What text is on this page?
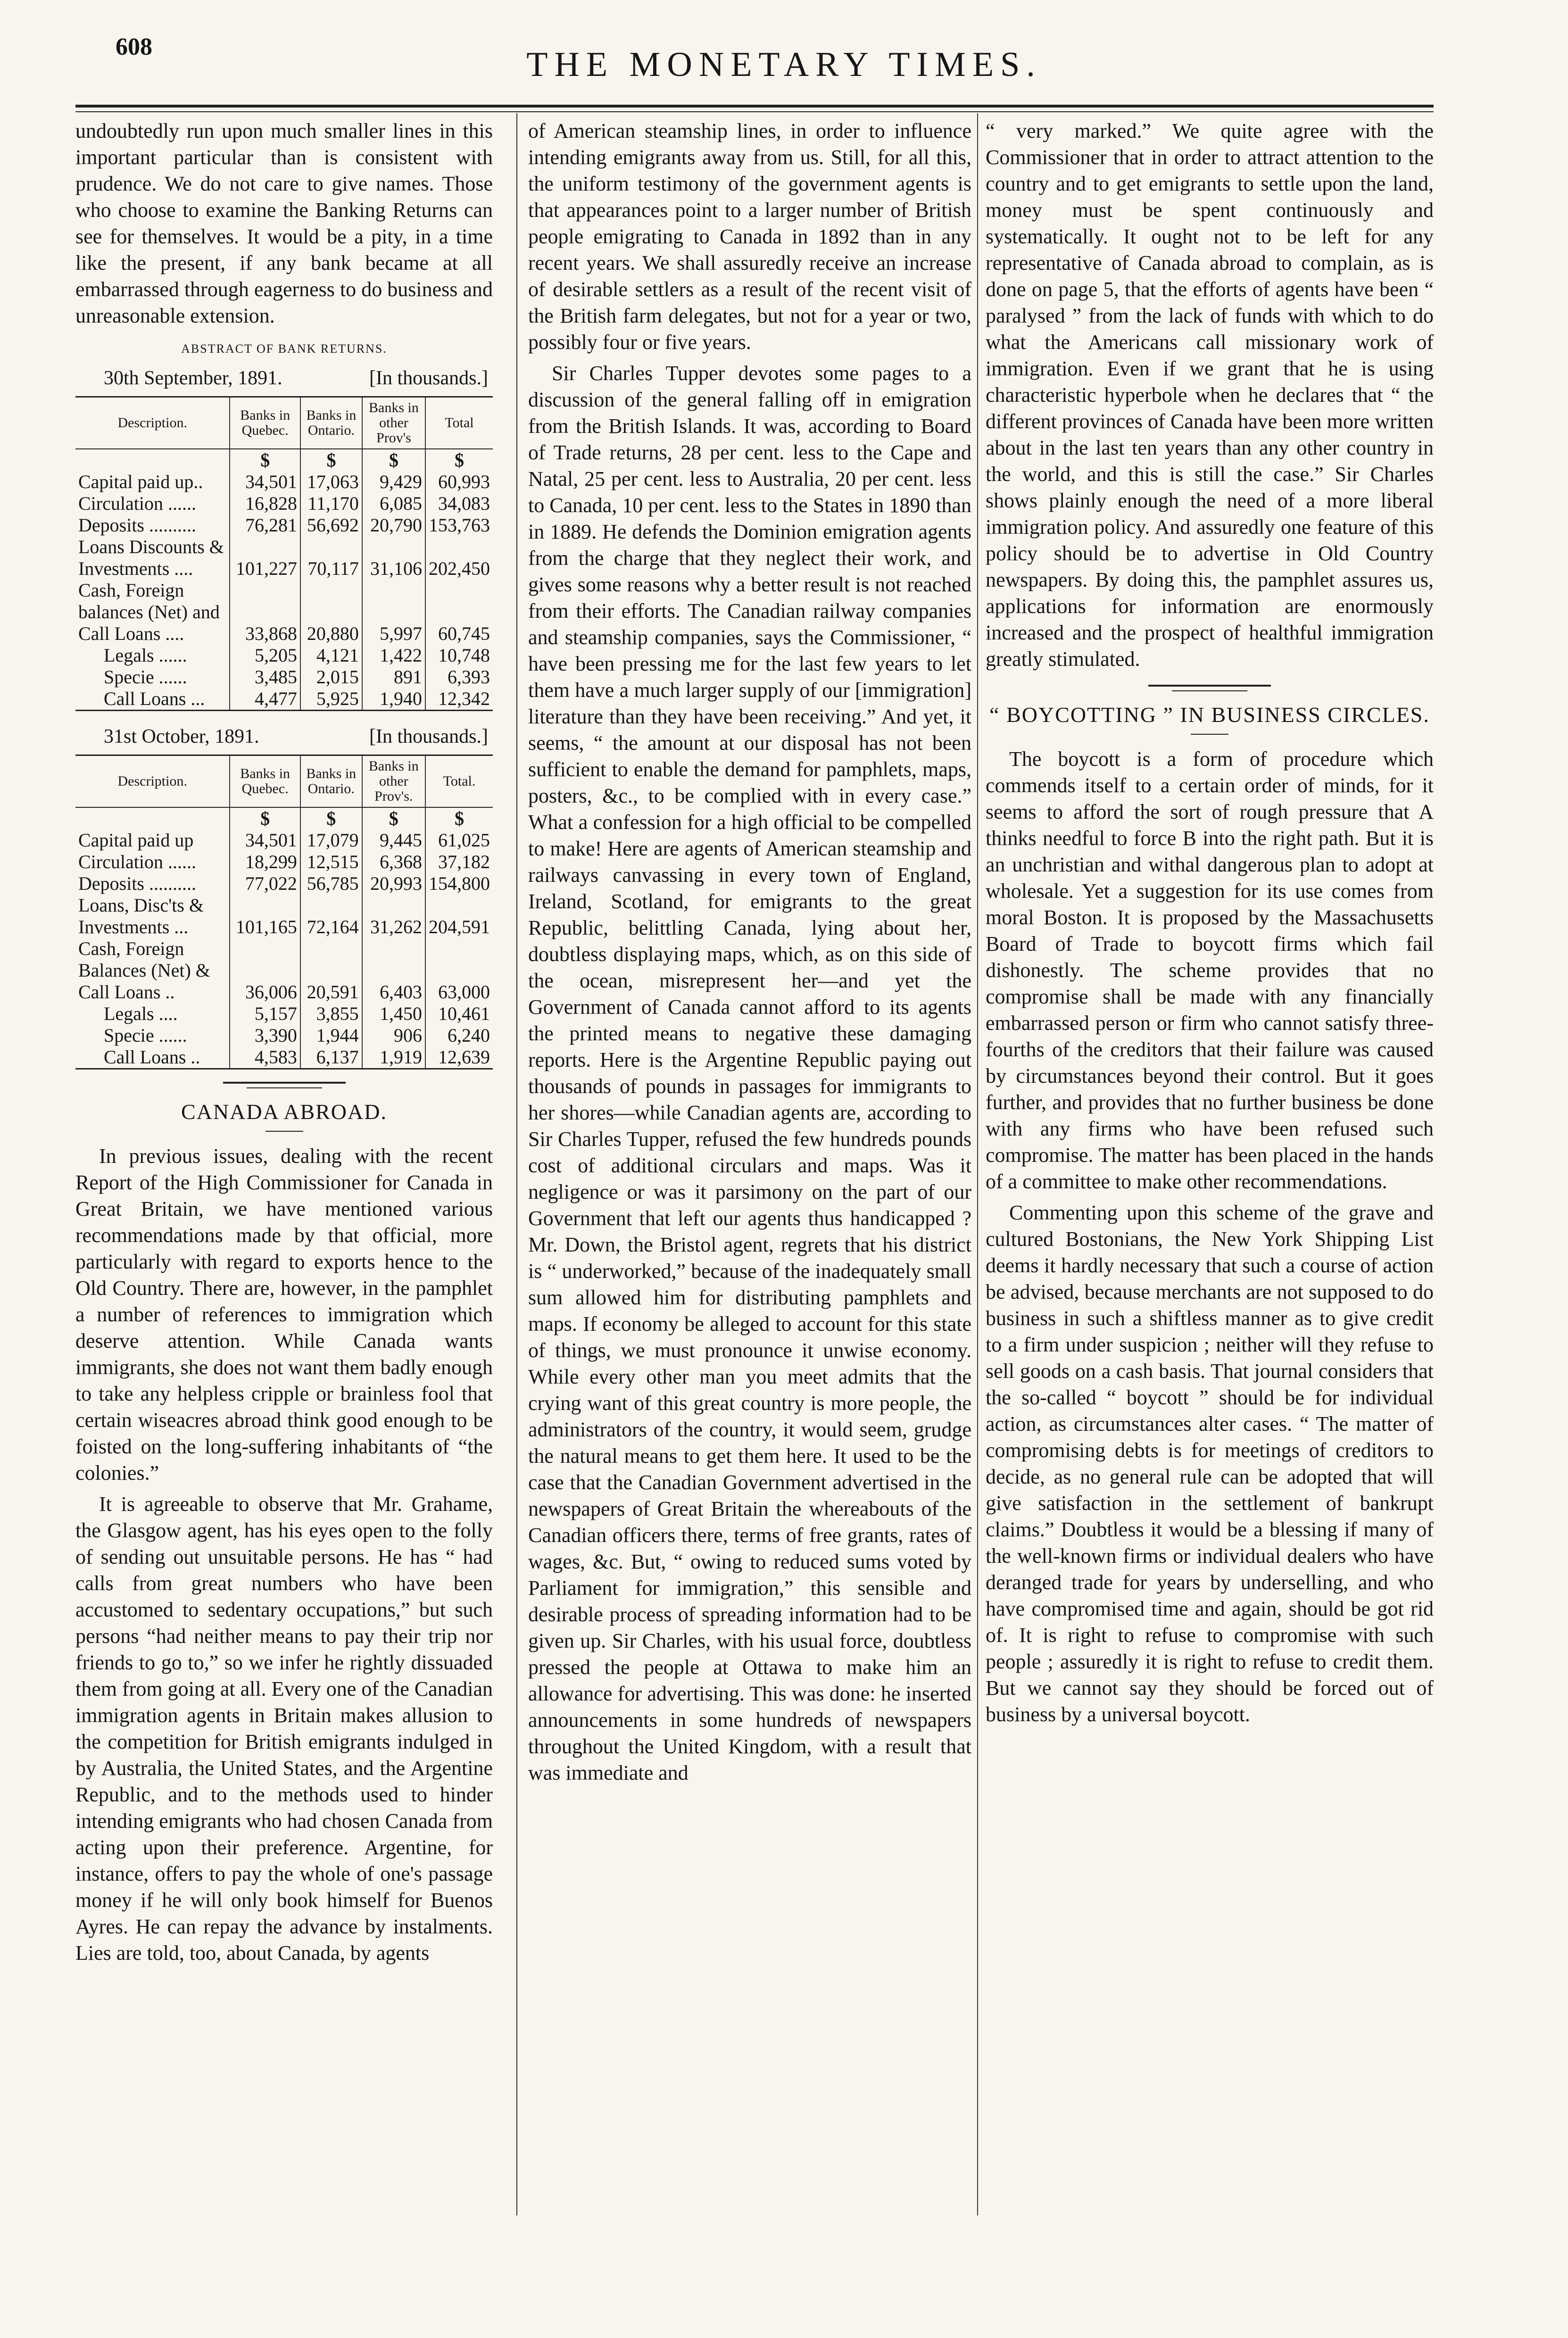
608	THE MONETARY TIMES.

undoubtedly run upon much smaller lines in this important particular than is consistent with prudence. We do not care to give names. Those who choose to examine the Banking Returns can see for themselves. It would be a pity, in a time like the present, if any bank became at all embarrassed through eagerness to do business and unreasonable extension.

ABSTRACT OF BANK RETURNS.
30th September, 1891.	[In thousands.]
Description.	Banks in Quebec.	Banks in Ontario.	Banks in other Prov's	Total
	$	$	$	$
Capital paid up..	34,501	17,063	9,429	60,993
Circulation ......	16,828	11,170	6,085	34,083
Deposits ..........	76,281	56,692	20,790	153,763
Loans Discounts & Investments ....	101,227	70,117	31,106	202,450
Cash, Foreign balances (Net) and Call Loans ....	33,868	20,880	5,997	60,745
Legals ......	5,205	4,121	1,422	10,748
Specie ......	3,485	2,015	891	6,393
Call Loans ...	4,477	5,925	1,940	12,342
31st October, 1891.	[In thousands.]
Description.	Banks in Quebec.	Banks in Ontario.	Banks in other Prov's.	Total.
	$	$	$	$
Capital paid up	34,501	17,079	9,445	61,025
Circulation ......	18,299	12,515	6,368	37,182
Deposits ..........	77,022	56,785	20,993	154,800
Loans, Disc'ts & Investments ...	101,165	72,164	31,262	204,591
Cash, Foreign Balances (Net) & Call Loans ..	36,006	20,591	6,403	63,000
Legals ....	5,157	3,855	1,450	10,461
Specie ......	3,390	1,944	906	6,240
Call Loans ..	4,583	6,137	1,919	12,639
CANADA ABROAD.

In previous issues, dealing with the recent Report of the High Commissioner for Canada in Great Britain, we have mentioned various recommendations made by that official, more particularly with regard to exports hence to the Old Country. There are, however, in the pamphlet a number of references to immigration which deserve attention. While Canada wants immigrants, she does not want them badly enough to take any helpless cripple or brainless fool that certain wiseacres abroad think good enough to be foisted on the long-suffering inhabitants of “the colonies.”

It is agreeable to observe that Mr. Grahame, the Glasgow agent, has his eyes open to the folly of sending out unsuitable persons. He has “ had calls from great numbers who have been accustomed to sedentary occupations,” but such persons “had neither means to pay their trip nor friends to go to,” so we infer he rightly dissuaded them from going at all. Every one of the Canadian immigration agents in Britain makes allusion to the competition for British emigrants indulged in by Australia, the United States, and the Argentine Republic, and to the methods used to hinder intending emigrants who had chosen Canada from acting upon their preference. Argentine, for instance, offers to pay the whole of one's passage money if he will only book himself for Buenos Ayres. He can repay the advance by instalments. Lies are told, too, about Canada, by agents

of American steamship lines, in order to influence intending emigrants away from us. Still, for all this, the uniform testimony of the government agents is that appearances point to a larger number of British people emigrating to Canada in 1892 than in any recent years. We shall assuredly receive an increase of desirable settlers as a result of the recent visit of the British farm delegates, but not for a year or two, possibly four or five years.

Sir Charles Tupper devotes some pages to a discussion of the general falling off in emigration from the British Islands. It was, according to Board of Trade returns, 28 per cent. less to the Cape and Natal, 25 per cent. less to Australia, 20 per cent. less to Canada, 10 per cent. less to the States in 1890 than in 1889. He defends the Dominion emigration agents from the charge that they neglect their work, and gives some reasons why a better result is not reached from their efforts. The Canadian railway companies and steamship companies, says the Commissioner, “ have been pressing me for the last few years to let them have a much larger supply of our [immigration] literature than they have been receiving.” And yet, it seems, “ the amount at our disposal has not been sufficient to enable the demand for pamphlets, maps, posters, &c., to be complied with in every case.” What a confession for a high official to be compelled to make! Here are agents of American steamship and railways canvassing in every town of England, Ireland, Scotland, for emigrants to the great Republic, belittling Canada, lying about her, doubtless displaying maps, which, as on this side of the ocean, misrepresent her—and yet the Government of Canada cannot afford to its agents the printed means to negative these damaging reports. Here is the Argentine Republic paying out thousands of pounds in passages for immigrants to her shores—while Canadian agents are, according to Sir Charles Tupper, refused the few hundreds pounds cost of additional circulars and maps. Was it negligence or was it parsimony on the part of our Government that left our agents thus handicapped ? Mr. Down, the Bristol agent, regrets that his district is “ underworked,” because of the inadequately small sum allowed him for distributing pamphlets and maps. If economy be alleged to account for this state of things, we must pronounce it unwise economy. While every other man you meet admits that the crying want of this great country is more people, the administrators of the country, it would seem, grudge the natural means to get them here. It used to be the case that the Canadian Government advertised in the newspapers of Great Britain the whereabouts of the Canadian officers there, terms of free grants, rates of wages, &c. But, “ owing to reduced sums voted by Parliament for immigration,” this sensible and desirable process of spreading information had to be given up. Sir Charles, with his usual force, doubtless pressed the people at Ottawa to make him an allowance for advertising. This was done: he inserted announcements in some hundreds of newspapers throughout the United Kingdom, with a result that was immediate and

“ very marked.” We quite agree with the Commissioner that in order to attract attention to the country and to get emigrants to settle upon the land, money must be spent continuously and systematically. It ought not to be left for any representative of Canada abroad to complain, as is done on page 5, that the efforts of agents have been “ paralysed ” from the lack of funds with which to do what the Americans call missionary work of immigration. Even if we grant that he is using characteristic hyperbole when he declares that “ the different provinces of Canada have been more written about in the last ten years than any other country in the world, and this is still the case.” Sir Charles shows plainly enough the need of a more liberal immigration policy. And assuredly one feature of this policy should be to advertise in Old Country newspapers. By doing this, the pamphlet assures us, applications for information are enormously increased and the prospect of healthful immigration greatly stimulated.

“ BOYCOTTING ” IN BUSINESS CIRCLES.

The boycott is a form of procedure which commends itself to a certain order of minds, for it seems to afford the sort of rough pressure that A thinks needful to force B into the right path. But it is an unchristian and withal dangerous plan to adopt at wholesale. Yet a suggestion for its use comes from moral Boston. It is proposed by the Massachusetts Board of Trade to boycott firms which fail dishonestly. The scheme provides that no compromise shall be made with any financially embarrassed person or firm who cannot satisfy three-fourths of the creditors that their failure was caused by circumstances beyond their control. But it goes further, and provides that no further business be done with any firms who have been refused such compromise. The matter has been placed in the hands of a committee to make other recommendations.

Commenting upon this scheme of the grave and cultured Bostonians, the New York Shipping List deems it hardly necessary that such a course of action be advised, because merchants are not supposed to do business in such a shiftless manner as to give credit to a firm under suspicion ; neither will they refuse to sell goods on a cash basis. That journal considers that the so-called “ boycott ” should be for individual action, as circumstances alter cases. “ The matter of compromising debts is for meetings of creditors to decide, as no general rule can be adopted that will give satisfaction in the settlement of bankrupt claims.” Doubtless it would be a blessing if many of the well-known firms or individual dealers who have deranged trade for years by underselling, and who have compromised time and again, should be got rid of. It is right to refuse to compromise with such people ; assuredly it is right to refuse to credit them. But we cannot say they should be forced out of business by a universal boycott.
